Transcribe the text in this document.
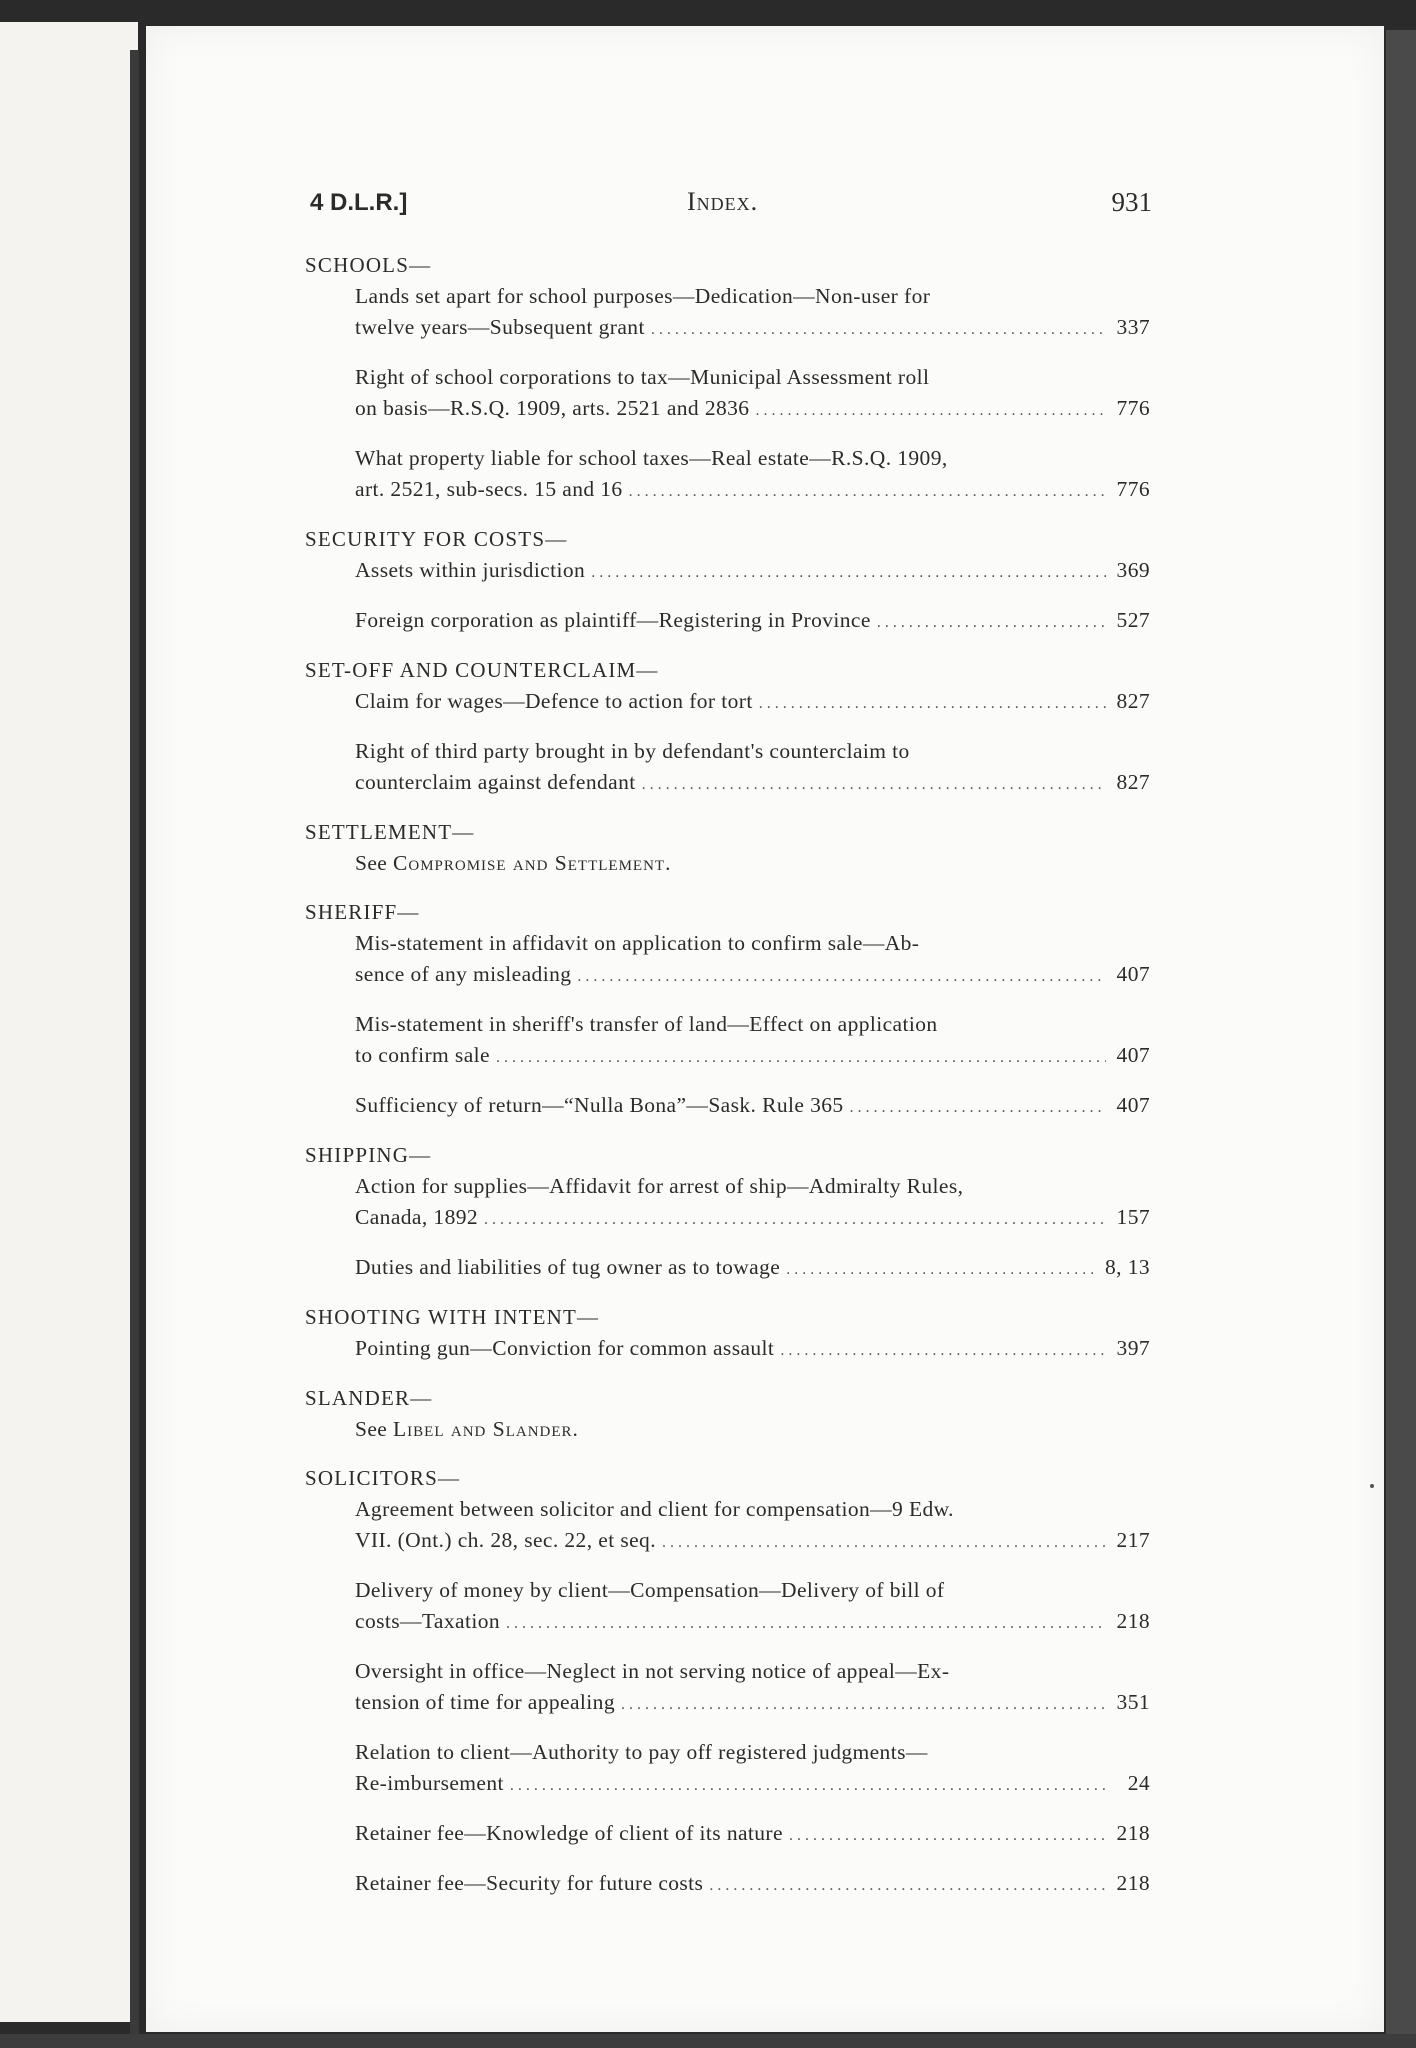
4 D.L.R.]	Index.	931
SCHOOLS—
Lands set apart for school purposes—Dedication—Non-user for
twelve years—Subsequent grant . . .	337
Right of school corporations to tax—Municipal Assessment roll
on basis—R.S.Q. 1909, arts. 2521 and 2836 . . .	776
What property liable for school taxes—Real estate—R.S.Q. 1909,
art. 2521, sub-secs. 15 and 16 . . .	776
SECURITY FOR COSTS—
Assets within jurisdiction . . .	369
Foreign corporation as plaintiff—Registering in Province . . .	527
SET-OFF AND COUNTERCLAIM—
Claim for wages—Defence to action for tort . . .	827
Right of third party brought in by defendant's counterclaim to
counterclaim against defendant . . .	827
SETTLEMENT—
See Compromise and Settlement.
SHERIFF—
Mis-statement in affidavit on application to confirm sale—Ab-
sence of any misleading . . .	407
Mis-statement in sheriff's transfer of land—Effect on application
to confirm sale . . .	407
Sufficiency of return—“Nulla Bona”—Sask. Rule 365 . . .	407
SHIPPING—
Action for supplies—Affidavit for arrest of ship—Admiralty Rules,
Canada, 1892 . . .	157
Duties and liabilities of tug owner as to towage . . .	8, 13
SHOOTING WITH INTENT—
Pointing gun—Conviction for common assault . . .	397
SLANDER—
See Libel and Slander.
SOLICITORS—
Agreement between solicitor and client for compensation—9 Edw.
VII. (Ont.) ch. 28, sec. 22, et seq. . . .	217
Delivery of money by client—Compensation—Delivery of bill of
costs—Taxation . . .	218
Oversight in office—Neglect in not serving notice of appeal—Ex-
tension of time for appealing . . .	351
Relation to client—Authority to pay off registered judgments—
Re-imbursement . . .	24
Retainer fee—Knowledge of client of its nature . . .	218
Retainer fee—Security for future costs . . .	218
